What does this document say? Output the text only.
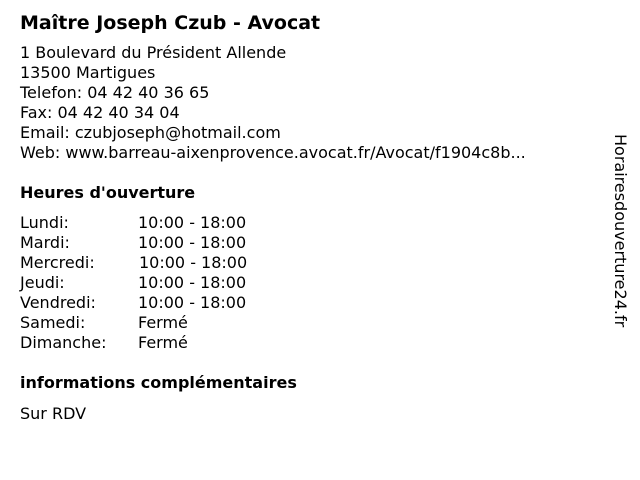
Maître Joseph Czub - Avocat
1 Boulevard du Président Allende
13500 Martigues
Telefon: 04 42 40 36 65
Fax: 04 42 40 34 04
Email: czubjoseph@hotmail.com
Web: www.barreau-aixenprovence.avocat.fr/Avocat/f1904c8b...
Heures d'ouverture
Lundi:	10:00 - 18:00
Mardi:	10:00 - 18:00
Mercredi:	10:00 - 18:00
Jeudi:	10:00 - 18:00
Vendredi:	10:00 - 18:00
Samedi:	Fermé
Dimanche: Fermé
informations complémentaires
Sur RDV
Horairesdouverture24.fr
